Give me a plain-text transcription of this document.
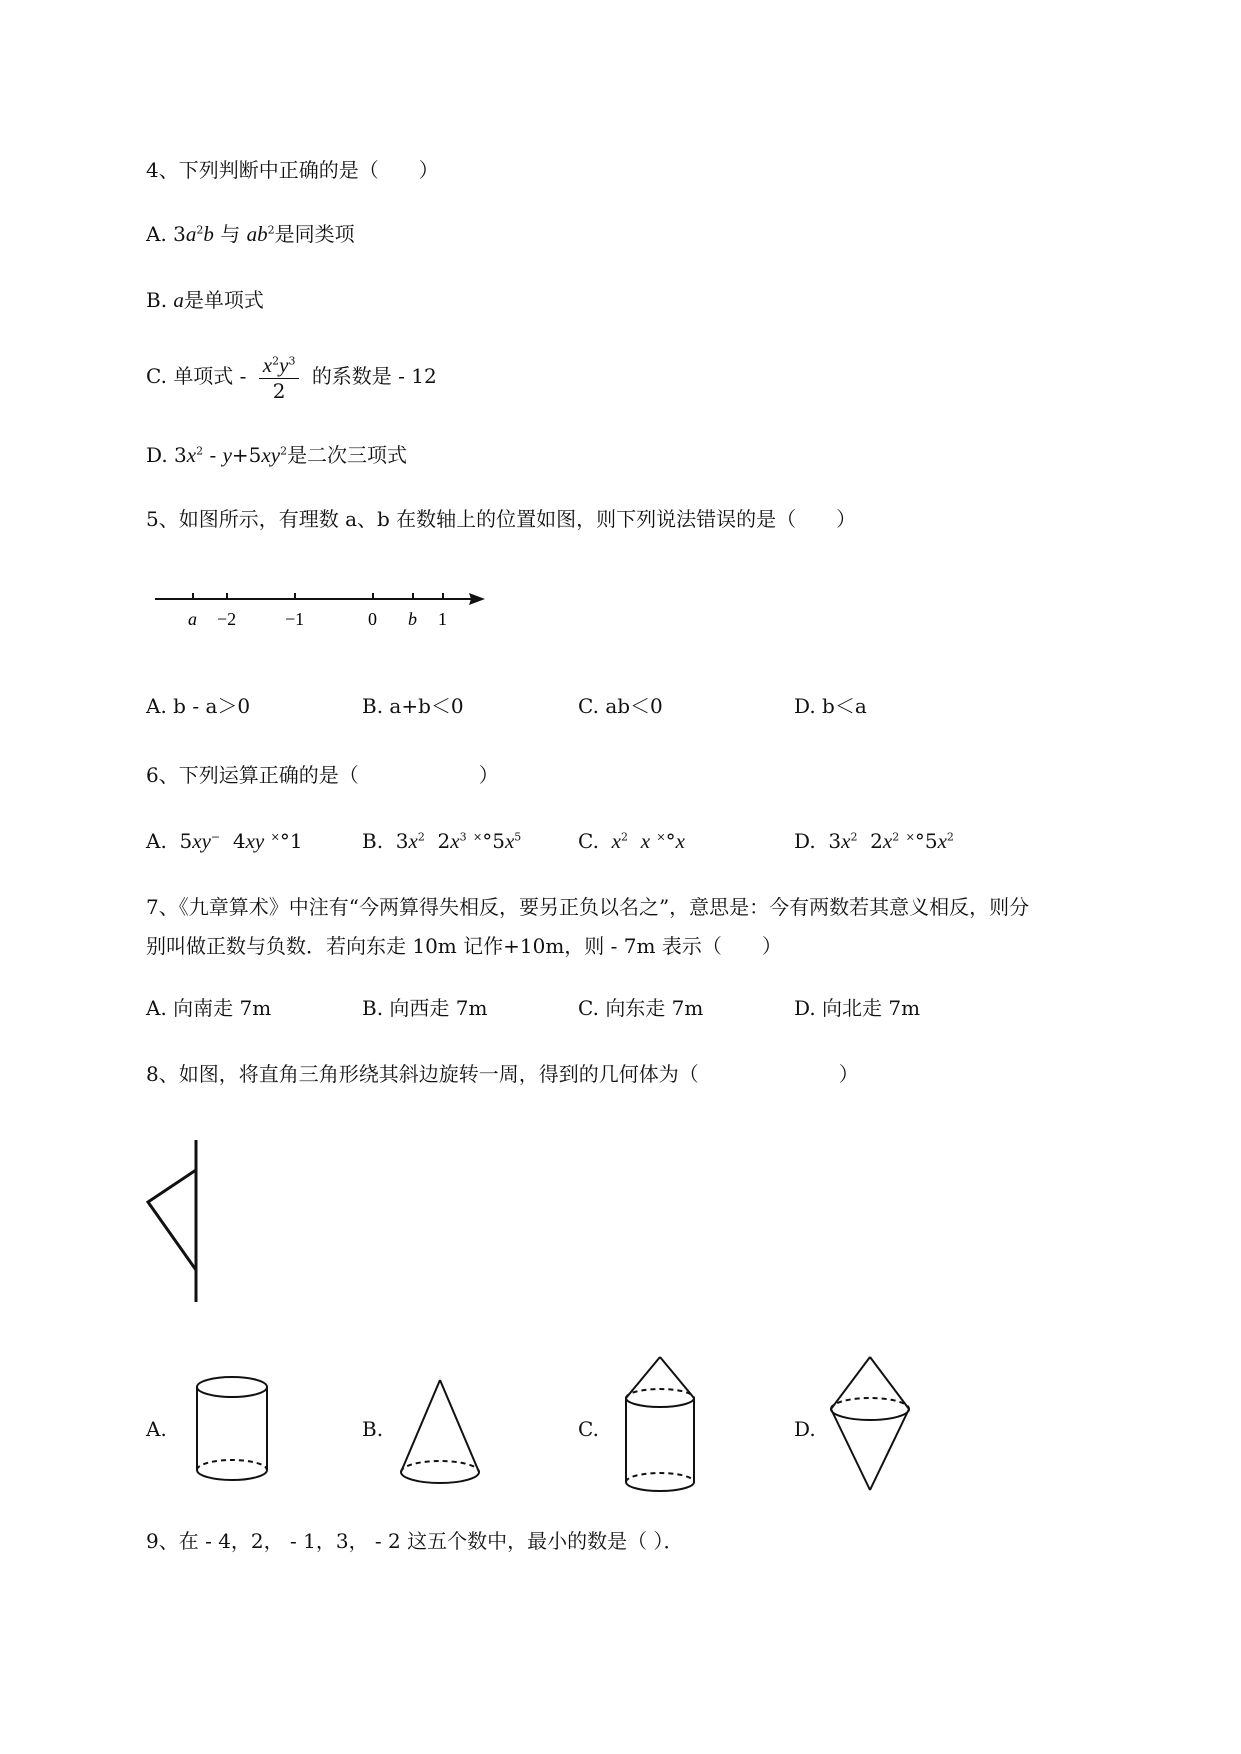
4、下列判断中正确的是（　　）
A. $3a^2b$ 与 $ab^2$是同类项
B. a是单项式
C. 单项式 - $\frac{x^2y^3}{2}$ 的系数是 - 12
D. $3x^2 - y+5xy^2$是二次三项式
5、如图所示，有理数 a、b 在数轴上的位置如图，则下列说法错误的是（　　）
a −2	−1	0 b 1
A. b - a＞0	B. a+b＜0	C. ab＜0	D. b＜a
6、下列运算正确的是（　　　　　　）
A.  5xy−  4xy ×°1	B.  $3x^2$  $2x^3$ $^\times^\circ 5x^5$	C. $x^2$ x ×°x	D.  $3x^2$  $2x^2$ $^\times^\circ 5x^2$
7、《九章算术》中注有“今两算得失相反，要另正负以名之”，意思是：今有两数若其意义相反，则分
别叫做正数与负数．若向东走 10m 记作+10m，则 - 7m 表示（　　）
A. 向南走 7m	B. 向西走 7m	C. 向东走 7m	D. 向北走 7m
8、如图，将直角三角形绕其斜边旋转一周，得到的几何体为（　　　　　　　）
A.	B.	C.	D.
9、在 - 4，2， - 1，3， - 2 这五个数中，最小的数是（ ）．
